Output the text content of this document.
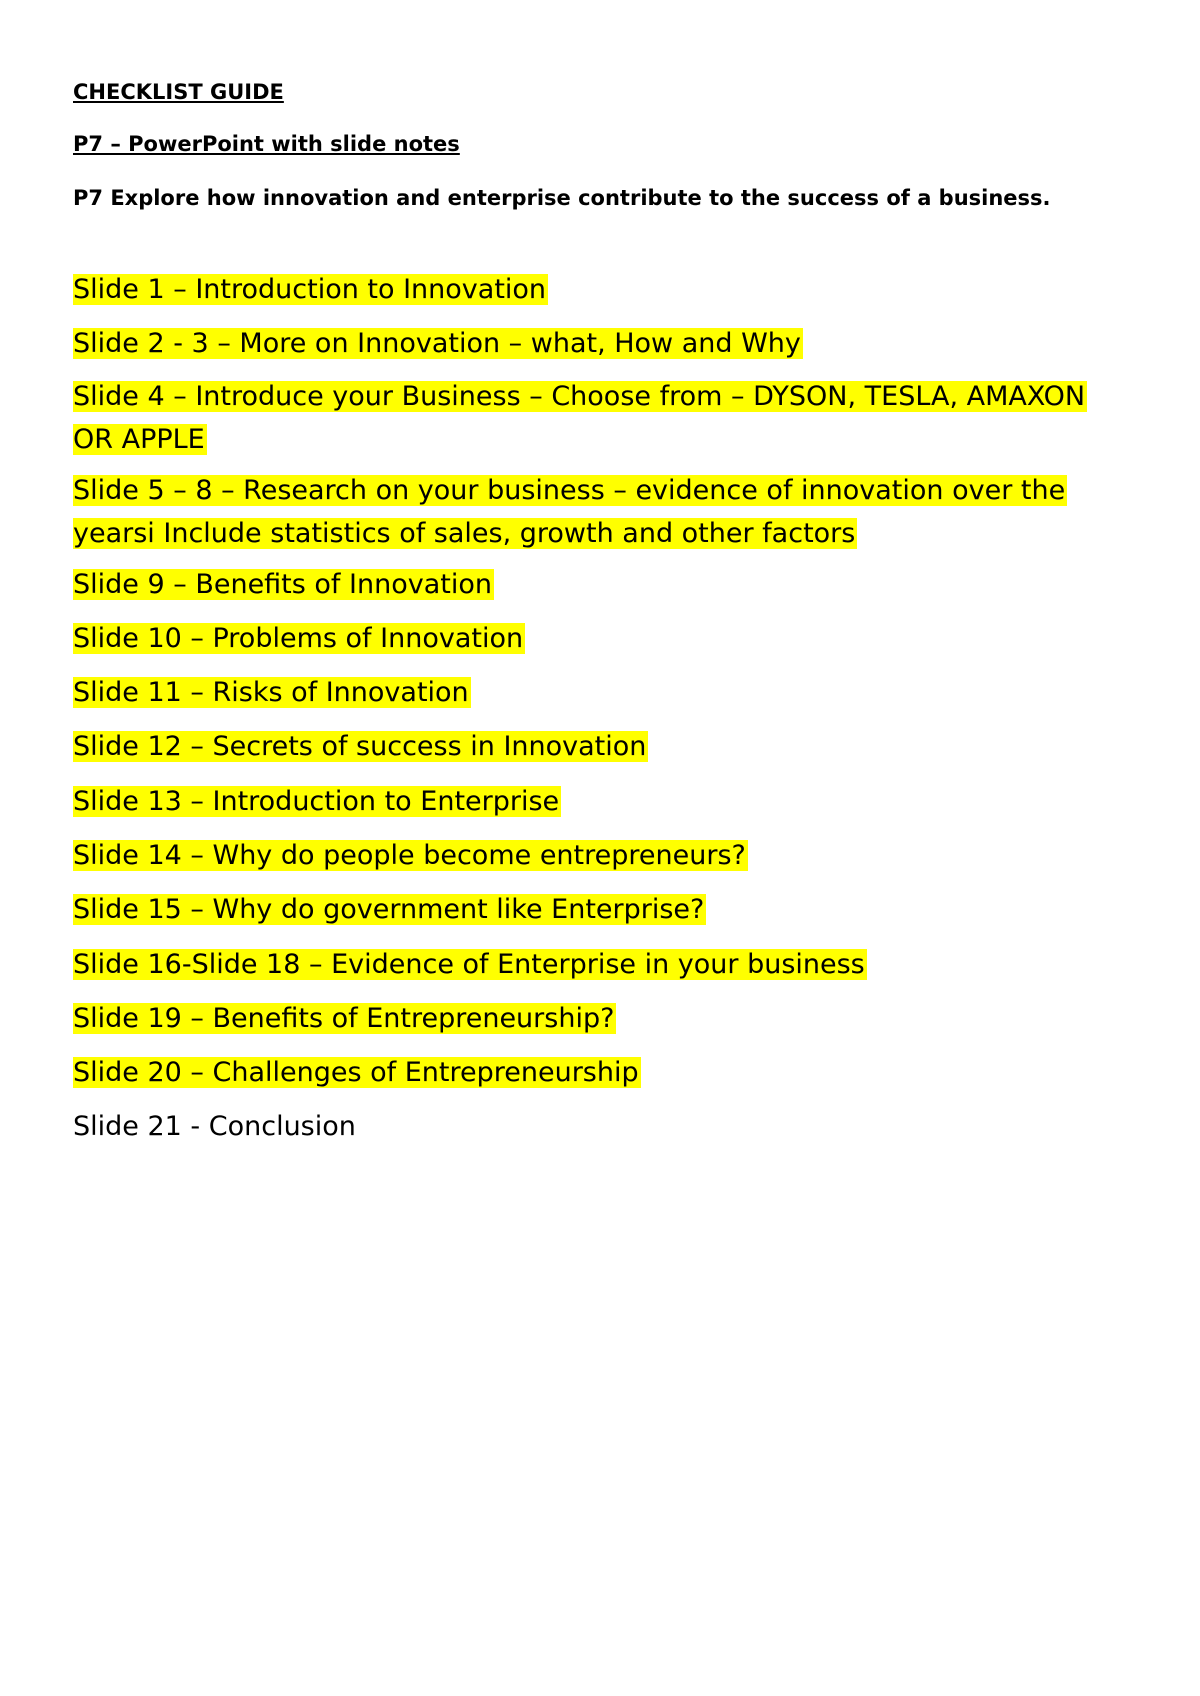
CHECKLIST GUIDE
P7 – PowerPoint with slide notes
P7 Explore how innovation and enterprise contribute to the success of a business.
Slide 1 – Introduction to Innovation
Slide 2 - 3 – More on Innovation – what, How and Why
Slide 4 – Introduce your Business – Choose from – DYSON, TESLA, AMAXON OR APPLE
Slide 5 – 8 – Research on your business – evidence of innovation over the yearsi Include statistics of sales, growth and other factors
Slide 9 – Benefits of Innovation
Slide 10 – Problems of Innovation
Slide 11 – Risks of Innovation
Slide 12 – Secrets of success in Innovation
Slide 13 – Introduction to Enterprise
Slide 14 – Why do people become entrepreneurs?
Slide 15 – Why do government like Enterprise?
Slide 16-Slide 18 – Evidence of Enterprise in your business
Slide 19 – Benefits of Entrepreneurship?
Slide 20 – Challenges of Entrepreneurship
Slide 21 - Conclusion
